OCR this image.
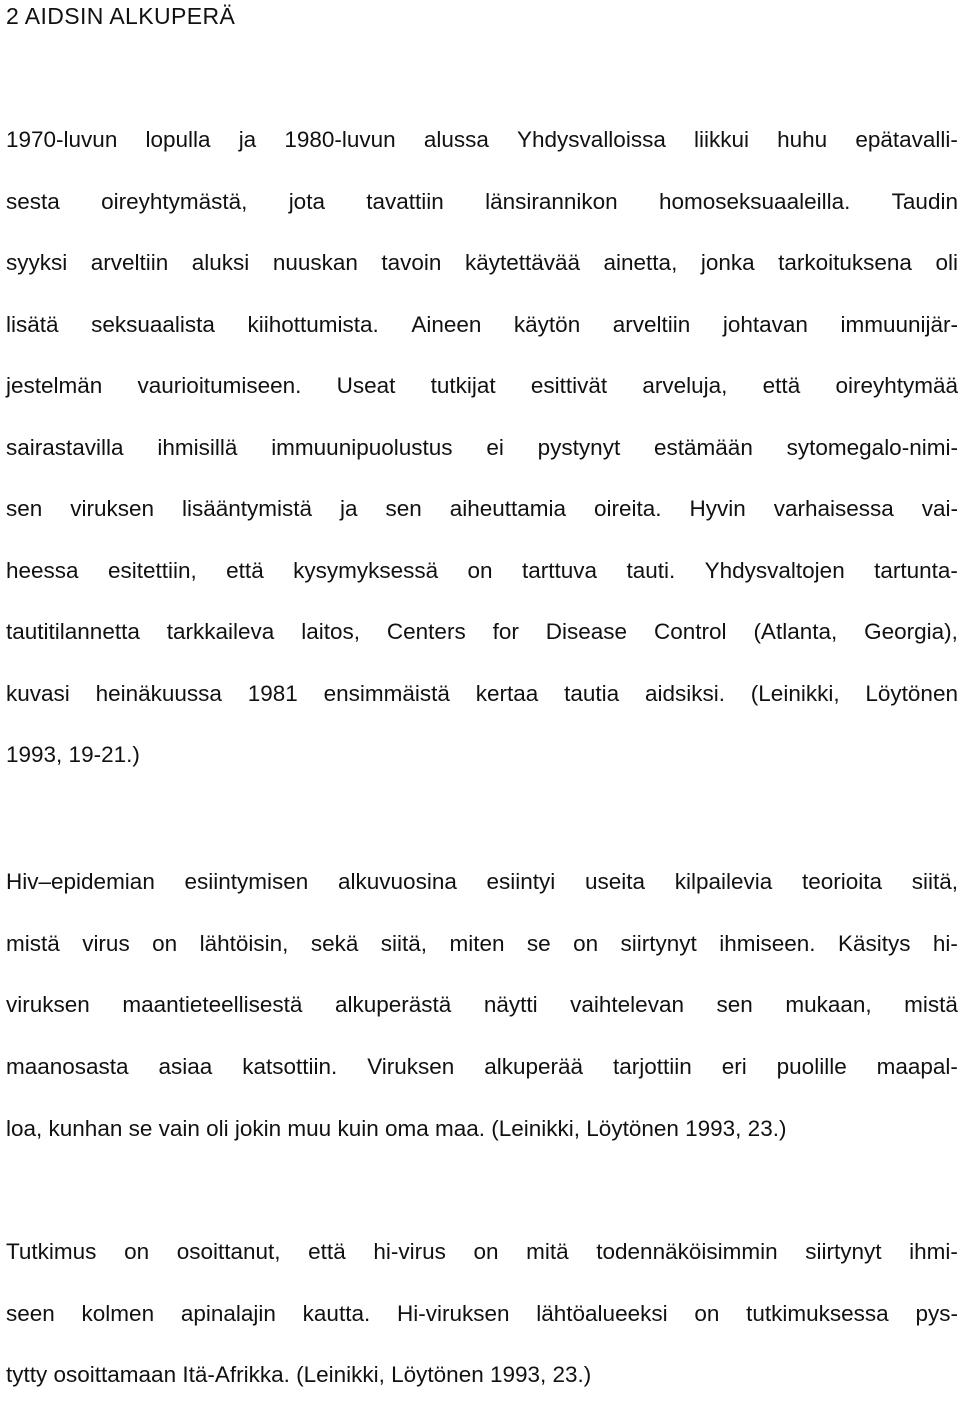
2 AIDSIN ALKUPERÄ
1970-luvun lopulla ja 1980-luvun alussa Yhdysvalloissa liikkui huhu epätavalli-
sesta oireyhtymästä, jota tavattiin länsirannikon homoseksuaaleilla. Taudin
syyksi arveltiin aluksi nuuskan tavoin käytettävää ainetta, jonka tarkoituksena oli
lisätä seksuaalista kiihottumista. Aineen käytön arveltiin johtavan immuunijär-
jestelmän vaurioitumiseen. Useat tutkijat esittivät arveluja, että oireyhtymää
sairastavilla ihmisillä immuunipuolustus ei pystynyt estämään sytomegalo-nimi-
sen viruksen lisääntymistä ja sen aiheuttamia oireita. Hyvin varhaisessa vai-
heessa esitettiin, että kysymyksessä on tarttuva tauti. Yhdysvaltojen tartunta-
tautitilannetta tarkkaileva laitos, Centers for Disease Control (Atlanta, Georgia),
kuvasi heinäkuussa 1981 ensimmäistä kertaa tautia aidsiksi. (Leinikki, Löytönen
1993, 19-21.)
Hiv–epidemian esiintymisen alkuvuosina esiintyi useita kilpailevia teorioita siitä,
mistä virus on lähtöisin, sekä siitä, miten se on siirtynyt ihmiseen. Käsitys hi-
viruksen maantieteellisestä alkuperästä näytti vaihtelevan sen mukaan, mistä
maanosasta asiaa katsottiin. Viruksen alkuperää tarjottiin eri puolille maapal-
loa, kunhan se vain oli jokin muu kuin oma maa. (Leinikki, Löytönen 1993, 23.)
Tutkimus on osoittanut, että hi-virus on mitä todennäköisimmin siirtynyt ihmi-
seen kolmen apinalajin kautta. Hi-viruksen lähtöalueeksi on tutkimuksessa pys-
tytty osoittamaan Itä-Afrikka. (Leinikki, Löytönen 1993, 23.)
